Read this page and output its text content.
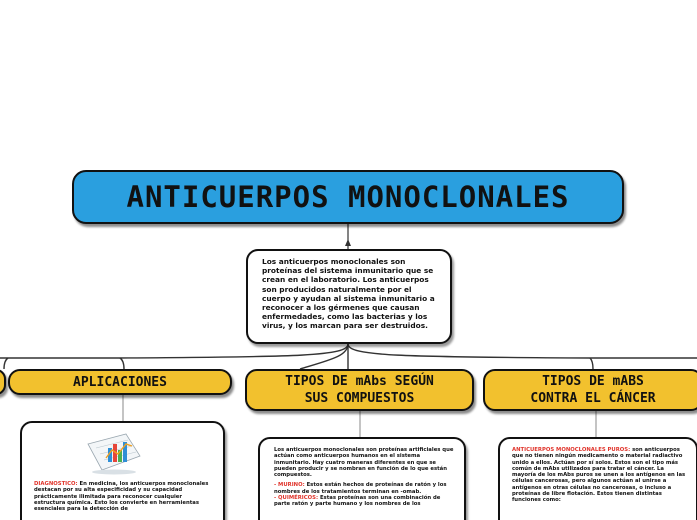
ANTICUERPOS MONOCLONALES
Los anticuerpos monoclonales son proteínas del sistema inmunitario que se crean en el laboratorio. Los anticuerpos son producidos naturalmente por el cuerpo y ayudan al sistema inmunitario a reconocer a los gérmenes que causan enfermedades, como las bacterias y los virus, y los marcan para ser destruidos.
APLICACIONES	TIPOS DE mAbs SEGÚN
SUS COMPUESTOS
TIPOS DE mABS
CONTRA EL CÁNCER

DIAGNOSTICO: En medicina, los anticuerpos monoclonales destacan por su alta especificidad y su capacidad prácticamente ilimitada para reconocer cualquier estructura química. Esto los convierte en herramientas esenciales para la detección de

Los anticuerpos monoclonales son proteínas artificiales que actúan como anticuerpos humanos en el sistema inmunitario. Hay cuatro maneras diferentes en que se pueden producir y se nombran en función de lo que están compuestos.

- MURINO: Estos están hechos de proteínas de ratón y los nombres de los tratamientos terminan en -omab.
- QUIMÉRICOS: Estas proteínas son una combinación de parte ratón y parte humano y los nombres de los

ANTICUERPOS MONOCLONALES PUROS: son anticuerpos que no tienen ningún medicamento o material radiactivo unido a ellos. Actúan por sí solos. Estos son el tipo más común de mAbs utilizados para tratar el cáncer. La mayoría de los mAbs puros se unen a los antígenos en las células cancerosas, pero algunos actúan al unirse a antígenos en otras células no cancerosas, o incluso a proteínas de libre flotación. Estos tienen distintas funciones como:
